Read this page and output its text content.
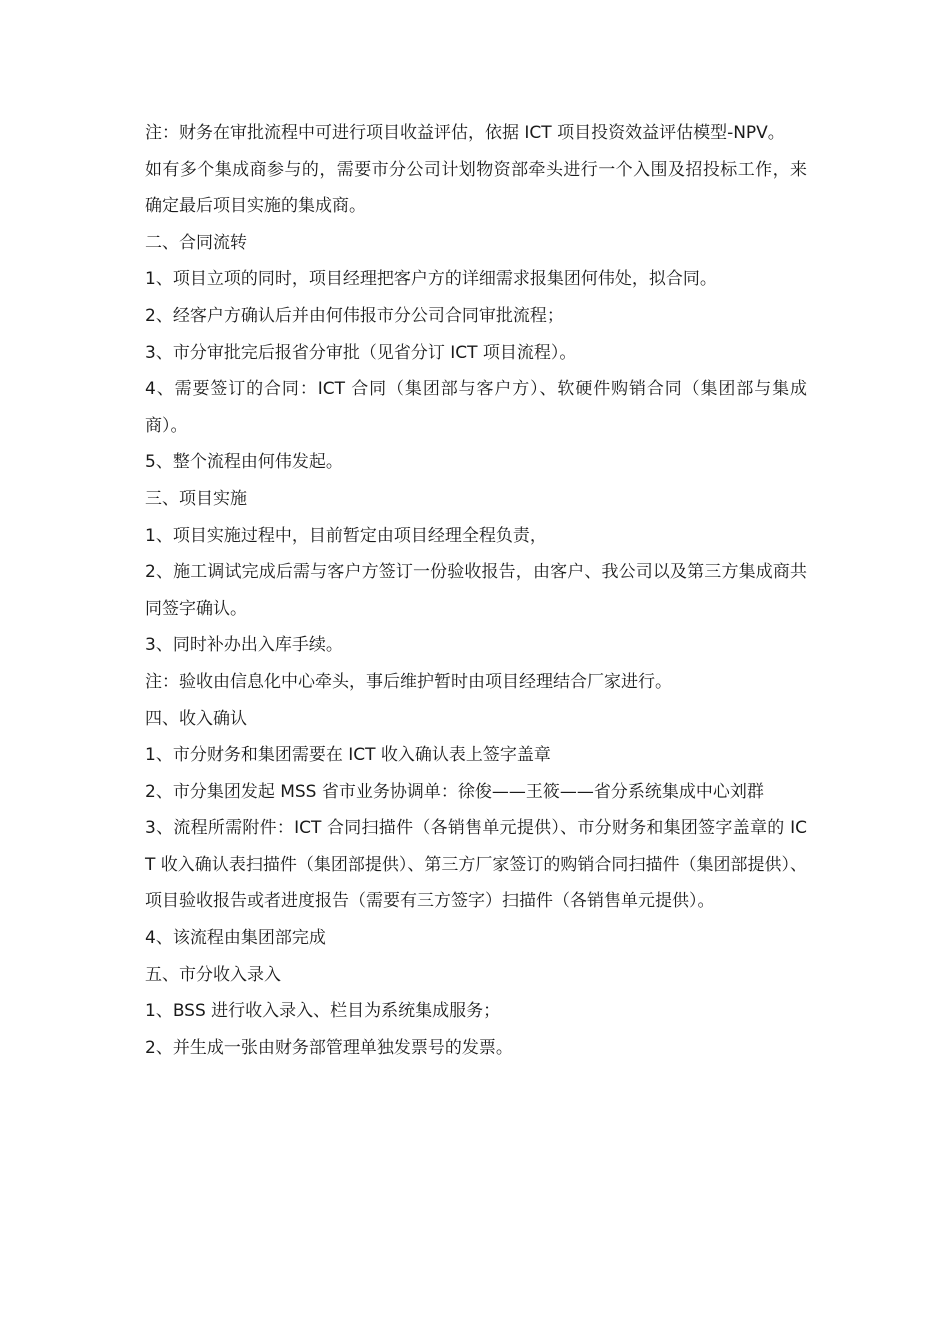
注：财务在审批流程中可进行项目收益评估，依据 ICT 项目投资效益评估模型-NPV。

如有多个集成商参与的，需要市分公司计划物资部牵头进行一个入围及招投标工作，来确定最后项目实施的集成商。

二、合同流转

1、项目立项的同时，项目经理把客户方的详细需求报集团何伟处，拟合同。

2、经客户方确认后并由何伟报市分公司合同审批流程；

3、市分审批完后报省分审批（见省分订 ICT 项目流程）。

4、需要签订的合同：ICT 合同（集团部与客户方）、软硬件购销合同（集团部与集成商）。

5、整个流程由何伟发起。

三、项目实施

1、项目实施过程中，目前暂定由项目经理全程负责，

2、施工调试完成后需与客户方签订一份验收报告，由客户、我公司以及第三方集成商共同签字确认。

3、同时补办出入库手续。

注：验收由信息化中心牵头，事后维护暂时由项目经理结合厂家进行。

四、收入确认

1、市分财务和集团需要在 ICT 收入确认表上签字盖章

2、市分集团发起 MSS 省市业务协调单：徐俊——王筱——省分系统集成中心刘群

3、流程所需附件：ICT 合同扫描件（各销售单元提供）、市分财务和集团签字盖章的 ICT 收入确认表扫描件（集团部提供）、第三方厂家签订的购销合同扫描件（集团部提供）、项目验收报告或者进度报告（需要有三方签字）扫描件（各销售单元提供）。

4、该流程由集团部完成

五、市分收入录入

1、BSS 进行收入录入、栏目为系统集成服务；

2、并生成一张由财务部管理单独发票号的发票。
